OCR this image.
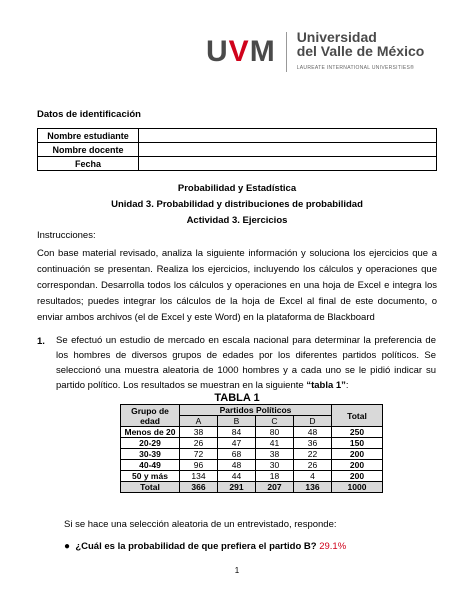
UVM Universidad
del Valle de México
LAUREATE INTERNATIONAL UNIVERSITIES®
Datos de identificación
Nombre estudiante	
Nombre docente	
Fecha	
Probabilidad y Estadística
Unidad 3. Probabilidad y distribuciones de probabilidad
Actividad 3. Ejercicios
Instrucciones:
Con base material revisado, analiza la siguiente información y soluciona los ejercicios que a continuación se presentan. Realiza los ejercicios, incluyendo los cálculos y operaciones que correspondan. Desarrolla todos los cálculos y operaciones en una hoja de Excel e integra los resultados; puedes integrar los cálculos de la hoja de Excel al final de este documento, o enviar ambos archivos (el de Excel y este Word) en la plataforma de Blackboard
1. Se efectuó un estudio de mercado en escala nacional para determinar la preferencia de los hombres de diversos grupos de edades por los diferentes partidos políticos. Se seleccionó una muestra aleatoria de 1000 hombres y a cada uno se le pidió indicar su partido político. Los resultados se muestran en la siguiente “tabla 1”:
TABLA 1
Grupo de edad	Partidos Políticos				Total
	A	B	C	D	
Menos de 20	38	84	80	48	250
20-29	26	47	41	36	150
30-39	72	68	38	22	200
40-49	96	48	30	26	200
50 y más	134	44	18	4	200
Total	366	291	207	136	1000
Si se hace una selección aleatoria de un entrevistado, responde:
● ¿Cuál es la probabilidad de que prefiera el partido B? 29.1%
1
